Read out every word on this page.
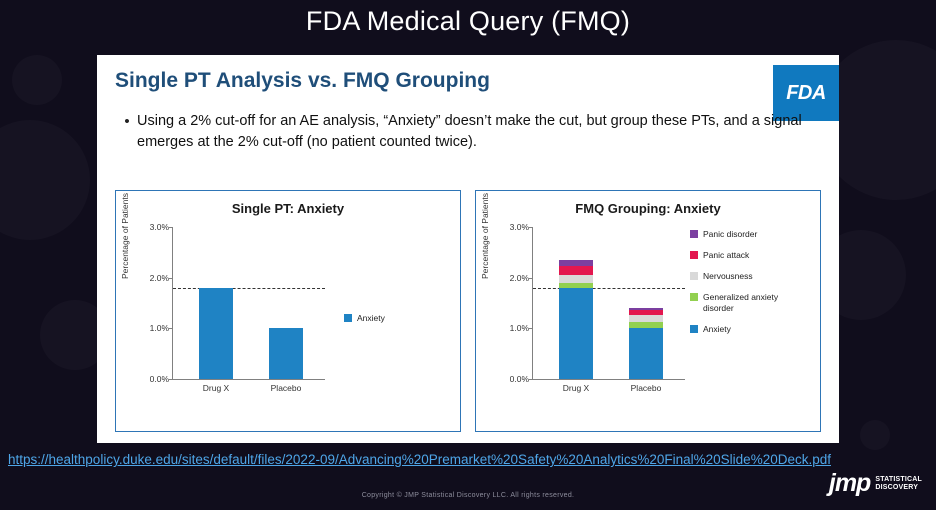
FDA Medical Query (FMQ)
Single PT Analysis vs. FMQ Grouping
FDA
• Using a 2% cut-off for an AE analysis, “Anxiety” doesn’t make the cut, but group these PTs, and a signal emerges at the 2% cut-off (no patient counted twice).
Single PT: Anxiety
Percentage of Patients
0.0%
1.0%
2.0%
3.0%
Drug X	Placebo
Anxiety
FMQ Grouping: Anxiety
Percentage of Patients
0.0%
1.0%
2.0%
3.0%
Drug X	Placebo
Panic disorder
Panic attack
Nervousness
Generalized anxiety disorder
Anxiety
https://healthpolicy.duke.edu/sites/default/files/2022-09/Advancing%20Premarket%20Safety%20Analytics%20Final%20Slide%20Deck.pdf
Copyright © JMP Statistical Discovery LLC. All rights reserved.	jmp STATISTICAL
DISCOVERY
